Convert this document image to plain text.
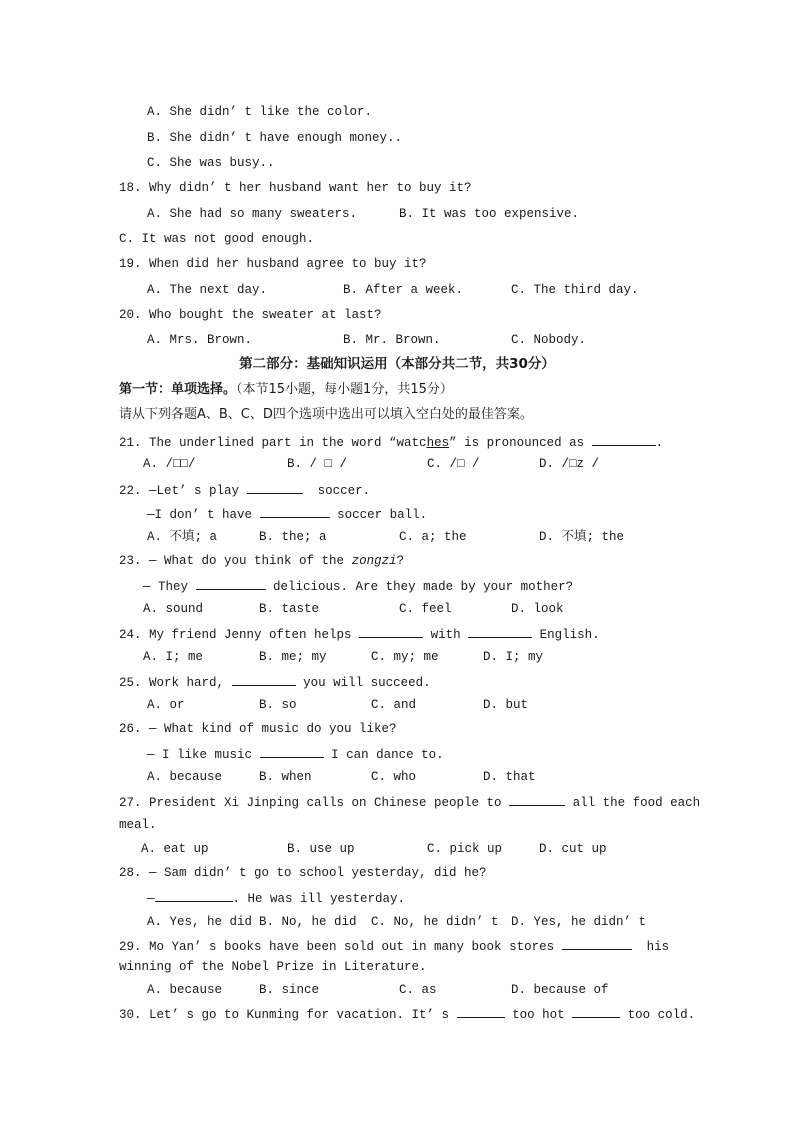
A. She didn’ t like the color.
B. She didn’ t have enough money..
C. She was busy..
18. Why didn’ t her husband want her to buy it?
A. She had so many sweaters.	B. It was too expensive.
C. It was not good enough.
19. When did her husband agree to buy it?
A. The next day.	B. After a week.	C. The third day.
20. Who bought the sweater at last?
A. Mrs. Brown.	B. Mr. Brown.	C. Nobody.
第二部分：基础知识运用（本部分共二节，共30分）
第一节：单项选择。（本节15小题，每小题1分，共15分）
请从下列各题A、B、C、D四个选项中选出可以填入空白处的最佳答案。
21. The underlined part in the word “watches” is pronounced as	.
A. /□□/	B. / □ /	C. /□ /	D. /□z /
22. —Let’ s play	soccer.
—I don’ t have	soccer ball.
A. 不填; a	B. the; a	C. a; the	D. 不填; the
23. — What do you think of the zongzi?
— They	delicious. Are they made by your mother?
A. sound	B. taste	C. feel	D. look
24. My friend Jenny often helps	with	English.
A. I; me	B. me; my	C. my; me	D. I; my
25. Work hard,	you will succeed.
A. or	B. so	C. and	D. but
26. — What kind of music do you like?
— I like music	I can dance to.
A. because	B. when	C. who	D. that
27. President Xi Jinping calls on Chinese people to	all the food each
meal.
A. eat up	B. use up	C. pick up	D. cut up
28. — Sam didn’ t go to school yesterday, did he?
—	. He was ill yesterday.
A. Yes, he did B. No, he did C. No, he didn’ t D. Yes, he didn’ t
29. Mo Yan’ s books have been sold out in many book stores	his
winning of the Nobel Prize in Literature.
A. because	B. since	C. as	D. because of
30. Let’ s go to Kunming for vacation. It’ s	too hot	too cold.
